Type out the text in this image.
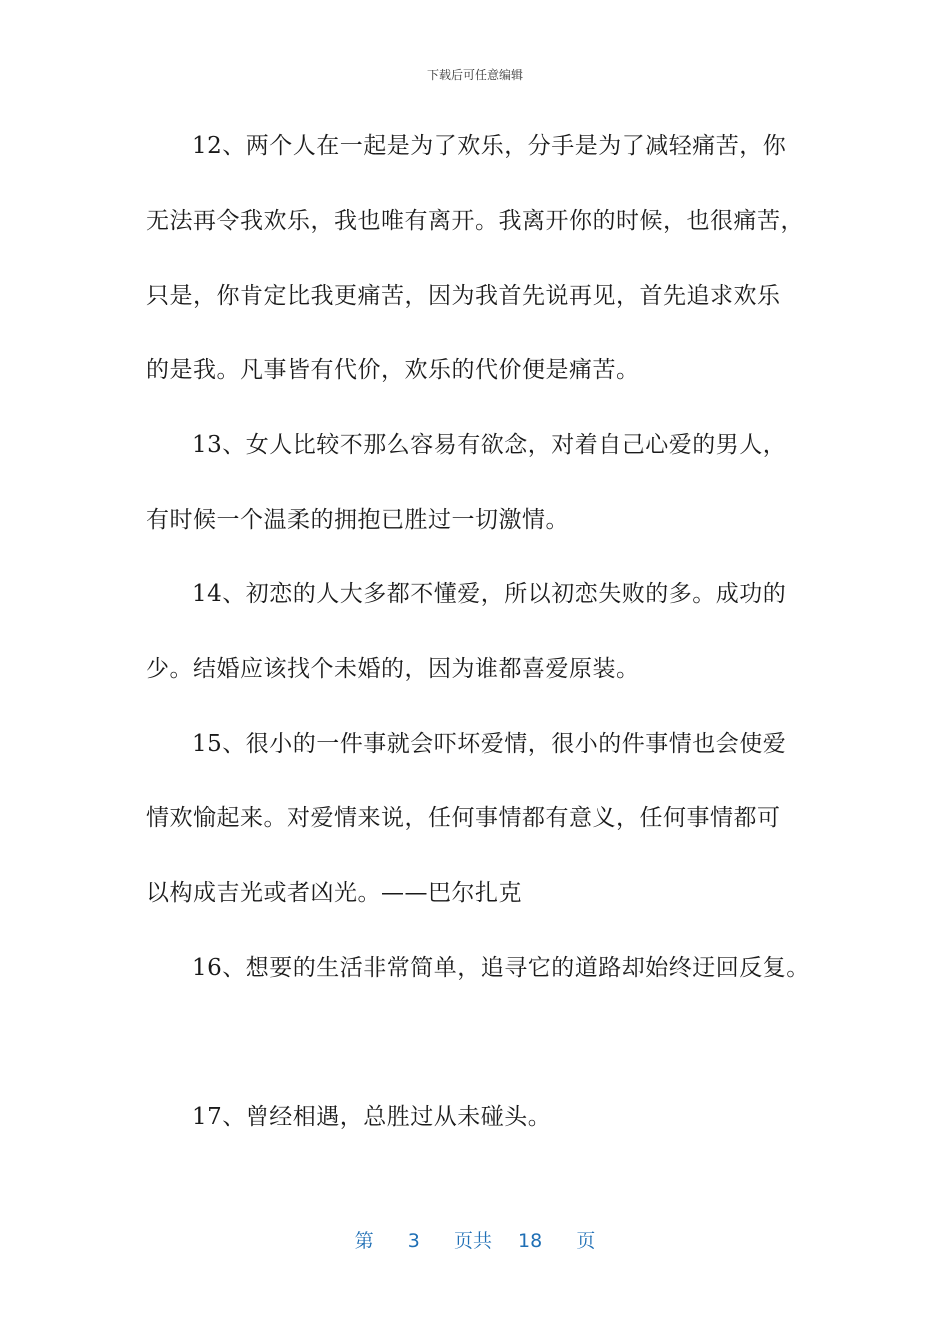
下载后可任意编辑
12、两个人在一起是为了欢乐，分手是为了减轻痛苦，你
无法再令我欢乐，我也唯有离开。我离开你的时候，也很痛苦，
只是，你肯定比我更痛苦，因为我首先说再见，首先追求欢乐
的是我。凡事皆有代价，欢乐的代价便是痛苦。
13、女人比较不那么容易有欲念，对着自己心爱的男人，
有时候一个温柔的拥抱已胜过一切激情。
14、初恋的人大多都不懂爱，所以初恋失败的多。成功的
少。结婚应该找个未婚的，因为谁都喜爱原装。
15、很小的一件事就会吓坏爱情，很小的件事情也会使爱
情欢愉起来。对爱情来说，任何事情都有意义，任何事情都可
以构成吉光或者凶光。——巴尔扎克
16、想要的生活非常简单，追寻它的道路却始终迂回反复。
17、曾经相遇，总胜过从未碰头。
第 3 页共 18 页
